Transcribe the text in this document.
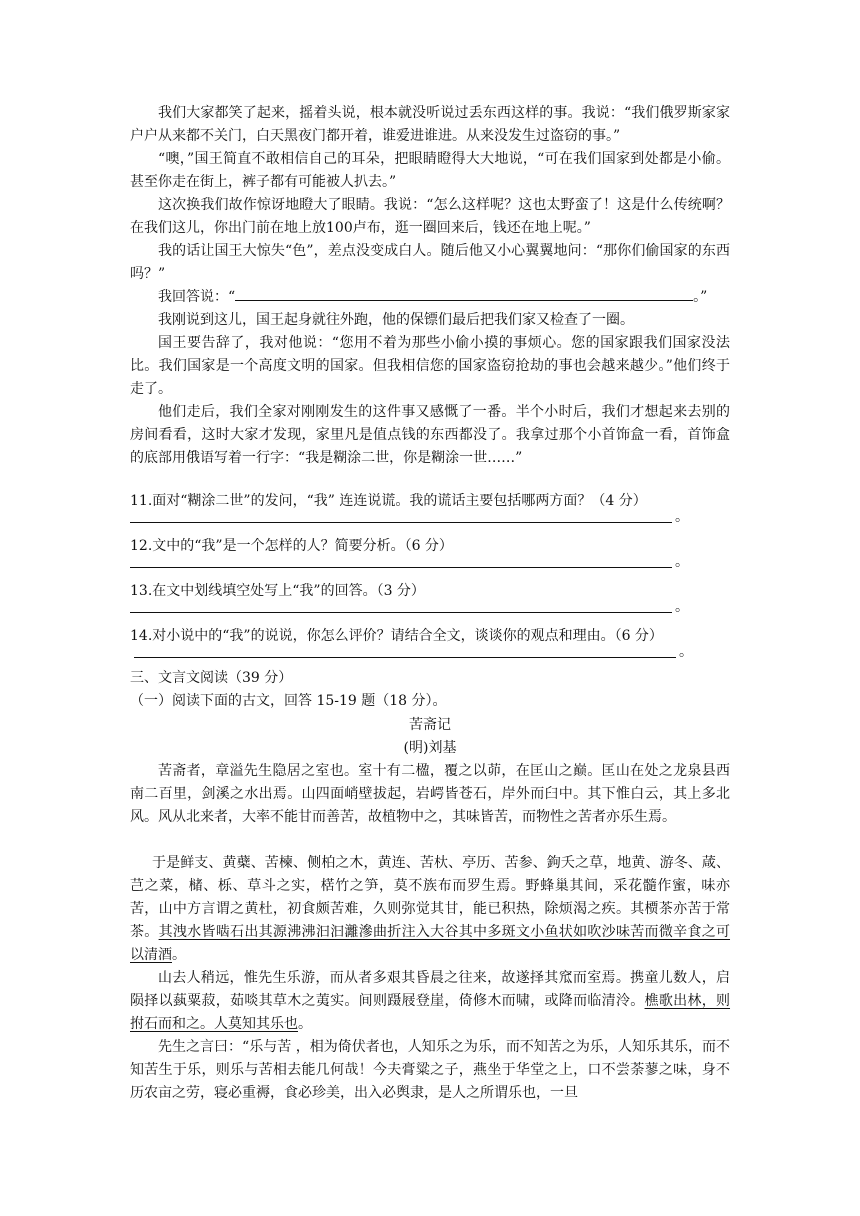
我们大家都笑了起来，摇着头说，根本就没听说过丢东西这样的事。我说：“我们俄罗斯家家户户从来都不关门，白天黑夜门都开着，谁爱进谁进。从来没发生过盗窃的事。”
“噢，”国王简直不敢相信自己的耳朵，把眼睛瞪得大大地说，“可在我们国家到处都是小偷。甚至你走在街上，裤子都有可能被人扒去。”
这次换我们故作惊讶地瞪大了眼睛。我说：“怎么这样呢？这也太野蛮了！这是什么传统啊？在我们这儿，你出门前在地上放100卢布，逛一圈回来后，钱还在地上呢。”
我的话让国王大惊失“色”，差点没变成白人。随后他又小心翼翼地问：“那你们偷国家的东西吗？”
我回答说：“	。”
我刚说到这儿，国王起身就往外跑，他的保镖们最后把我们家又检查了一圈。
国王要告辞了，我对他说：“您用不着为那些小偷小摸的事烦心。您的国家跟我们国家没法比。我们国家是一个高度文明的国家。但我相信您的国家盗窃抢劫的事也会越来越少。”他们终于走了。
他们走后，我们全家对刚刚发生的这件事又感慨了一番。半个小时后，我们才想起来去别的房间看看，这时大家才发现，家里凡是值点钱的东西都没了。我拿过那个小首饰盒一看，首饰盒的底部用俄语写着一行字：“我是糊涂二世，你是糊涂一世……”
11.面对“糊涂二世”的发问，“我” 连连说谎。我的谎话主要包括哪两方面？（4 分）
。
12.文中的“我”是一个怎样的人？简要分析。（6 分）
。
13.在文中划线填空处写上“我”的回答。（3 分）
。
14.对小说中的“我”的说说，你怎么评价？请结合全文，谈谈你的观点和理由。（6 分）
。
三、文言文阅读（39 分）
（一）阅读下面的古文，回答 15-19 题（18 分）。
苦斋记
(明)刘基
苦斋者，章溢先生隐居之室也。室十有二楹，覆之以茆，在匡山之巅。匡山在处之龙泉县西南二百里，剑溪之水出焉。山四面峭壁拔起，岩崿皆苍石，岸外而臼中。其下惟白云，其上多北风。风从北来者，大率不能甘而善苦，故植物中之，其味皆苦，而物性之苦者亦乐生焉。
于是鲜支、黄蘗、苦楝、侧柏之木，黄连、苦杕、亭历、苦参、鉤夭之草，地黄、游冬、葴、芑之菜，槠、栎、草斗之实，楛竹之笋，莫不族布而罗生焉。野蜂巢其间，采花髓作蜜，味亦苦，山中方言谓之黄杜，初食颇苦难，久则弥觉其甘，能已积热，除烦渴之疾。其槚茶亦苦于常茶。其洩水皆啮石出其源沸沸汩汩灕滲曲折注入大谷其中多斑文小鱼状如吹沙味苦而微辛食之可以清酒。
山去人稍远，惟先生乐游，而从者多艰其昏晨之往来，故遂择其窊而室焉。携童儿数人，启陨择以蓺粟菽，茹啖其草木之荑实。间则蹑屐登崖，倚修木而啸，或降而临清泠。樵歌出林，则拊石而和之。人莫知其乐也。
先生之言曰：“乐与苦 ，相为倚伏者也，人知乐之为乐，而不知苦之为乐，人知乐其乐，而不知苦生于乐，则乐与苦相去能几何哉！今夫膏粱之子，燕坐于华堂之上，口不尝荼蓼之味，身不历农亩之劳，寝必重褥，食必珍美，出入必舆隶，是人之所谓乐也，一旦
